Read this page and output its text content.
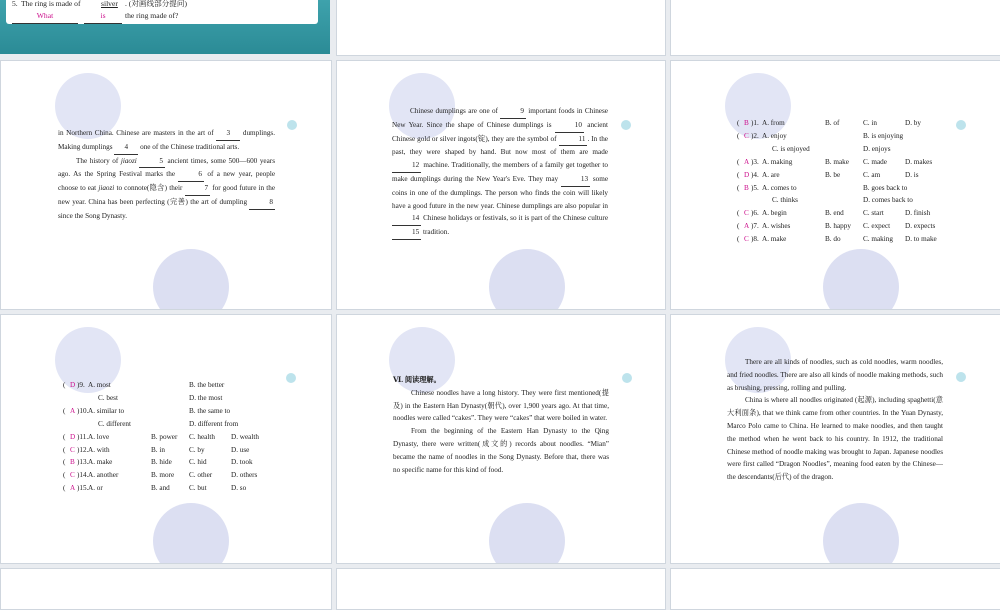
5. The ring is made of	silver . (对画线部分提问)
What	is	the ring made of?

in Northern China. Chinese are masters in the art of 3 dumplings. Making dumplings 4 one of the Chinese traditional arts.

The history of jiaozi	5 ancient times, some 500—600 years ago. As the Spring Festival marks the	6 of a new year, people choose to eat jiaozi to connote(隐含) their	7 for good future in the new year. China has been perfecting (完善) the art of dumpling	8 since the Song Dynasty.

Chinese dumplings are one of	9 important foods in Chinese New Year. Since the shape of Chinese dumplings is	10 ancient Chinese gold or silver ingots(锭), they are the symbol of	11 . In the past, they were shaped by hand. But now most of them are made 12 machine. Traditionally, the members of a family get together to make dumplings during the New Year's Eve. They may	13 some coins in one of the dumplings. The person who finds the coin will likely have a good future in the new year. Chinese dumplings are also popular in 14 Chinese holidays or festivals, so it is part of the Chinese culture 15 tradition.

( B )1. A. from	B. of	C. in	D. by
( C )2. A. enjoy	B. is enjoying
C. is enjoyed	D. enjoys
( A )3. A. making	B. make C. made	D. makes
( D )4. A. are	B. be	C. am	D. is
( B )5. A. comes to	B. goes back to
C. thinks	D. comes back to
( C )6. A. begin	B. end	C. start	D. finish
( A )7. A. wishes	B. happy C. expect D. expects
( C )8. A. make	B. do	C. making D. to make
( D )9. A. most	B. the better
C. best	D. the most
( A )10. A. similar to	B. the same to
C. different	D. different from
( D )11. A. love	B. power C. health D. wealth
( C )12. A. with	B. in	C. by	D. use
( B )13. A. make	B. hide C. hid	D. took
( C )14. A. another	B. more C. other	D. others
( A )15. A. or	B. and	C. but	D. so
Ⅵ. 阅读理解。

Chinese noodles have a long history. They were first mentioned(提及) in the Eastern Han Dynasty(朝代), over 1,900 years ago. At that time, noodles were called “cakes”. They were “cakes” that were boiled in water.

From the beginning of the Eastern Han Dynasty to the Qing Dynasty, there were written(成文的) records about noodles. “Mian” became the name of noodles in the Song Dynasty. Before that, there was no specific name for this kind of food.

There are all kinds of noodles, such as cold noodles, warm noodles, and fried noodles. There are also all kinds of noodle making methods, such as brushing, pressing, rolling and pulling.

China is where all noodles originated (起源), including spaghetti(意大利面条), that we think came from other countries. In the Yuan Dynasty, Marco Polo came to China. He learned to make noodles, and then taught the method when he went back to his country. In 1912, the traditional Chinese method of noodle making was brought to Japan. Japanese noodles were first called “Dragon Noodles”, meaning food eaten by the Chinese—the descendants(后代) of the dragon.
